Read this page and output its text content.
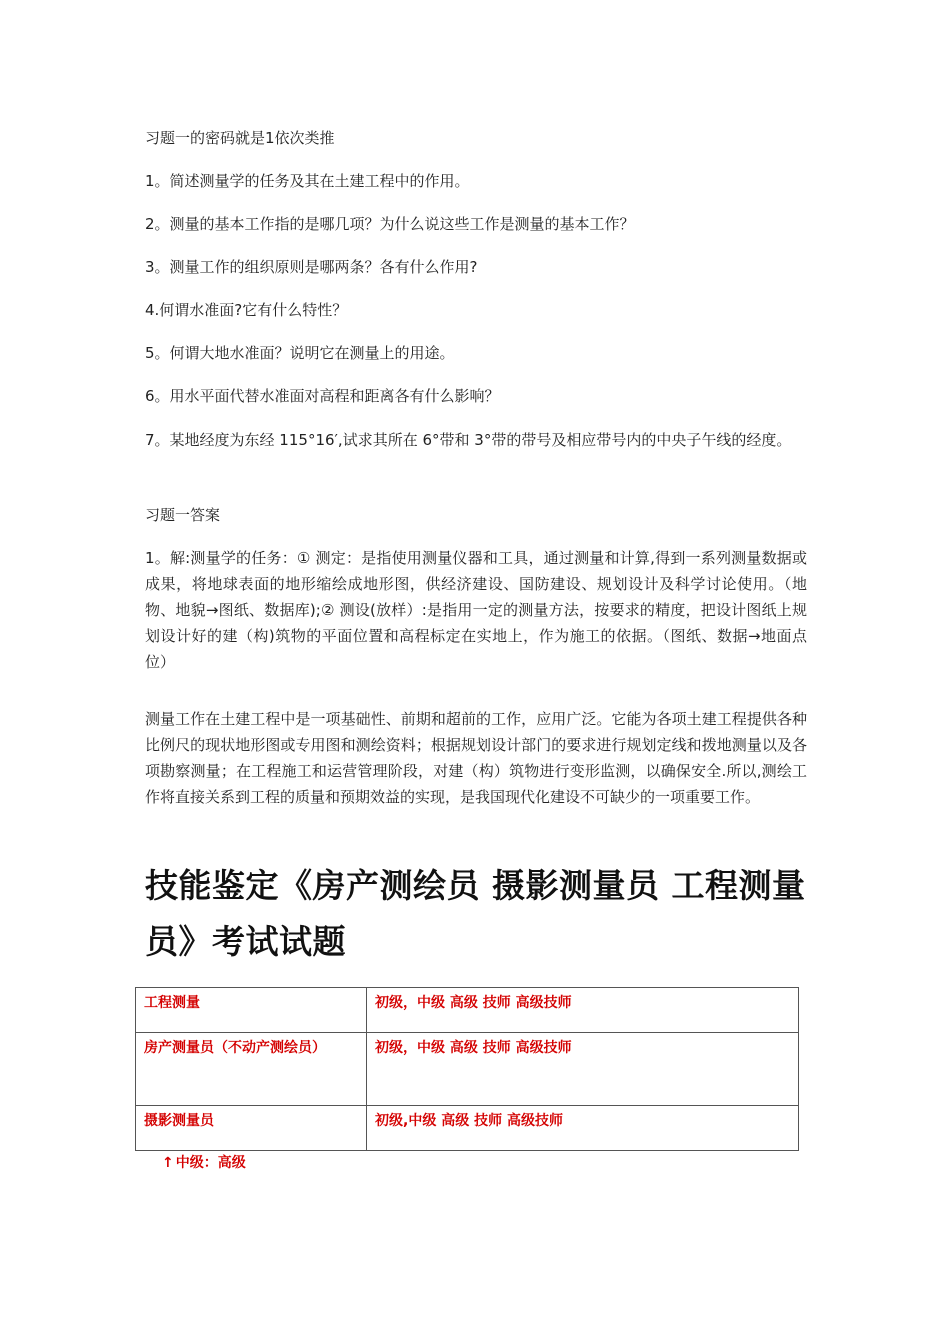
习题一的密码就是1依次类推

1。简述测量学的任务及其在土建工程中的作用。

2。测量的基本工作指的是哪几项？为什么说这些工作是测量的基本工作？

3。测量工作的组织原则是哪两条？各有什么作用?

4.何谓水准面?它有什么特性？

5。何谓大地水准面？说明它在测量上的用途。

6。用水平面代替水准面对高程和距离各有什么影响？

7。某地经度为东经 115°16′,试求其所在 6°带和 3°带的带号及相应带号内的中央子午线的经度。

习题一答案

1。解:测量学的任务：① 测定：是指使用测量仪器和工具，通过测量和计算,得到一系列测量数据或成果，将地球表面的地形缩绘成地形图，供经济建设、国防建设、规划设计及科学讨论使用。（地物、地貌→图纸、数据库);② 测设(放样）:是指用一定的测量方法，按要求的精度，把设计图纸上规划设计好的建（构)筑物的平面位置和高程标定在实地上，作为施工的依据。（图纸、数据→地面点位）

测量工作在土建工程中是一项基础性、前期和超前的工作，应用广泛。它能为各项土建工程提供各种比例尺的现状地形图或专用图和测绘资料；根据规划设计部门的要求进行规划定线和拨地测量以及各项勘察测量；在工程施工和运营管理阶段，对建（构）筑物进行变形监测，以确保安全.所以,测绘工作将直接关系到工程的质量和预期效益的实现，是我国现代化建设不可缺少的一项重要工作。

技能鉴定《房产测绘员 摄影测量员 工程测量员》考试试题
工程测量	初级，中级 高级 技师 高级技师
房产测量员（不动产测绘员）	初级，中级 高级 技师 高级技师
摄影测量员	初级,中级 高级 技师 高级技师
↑ 中级：高级
